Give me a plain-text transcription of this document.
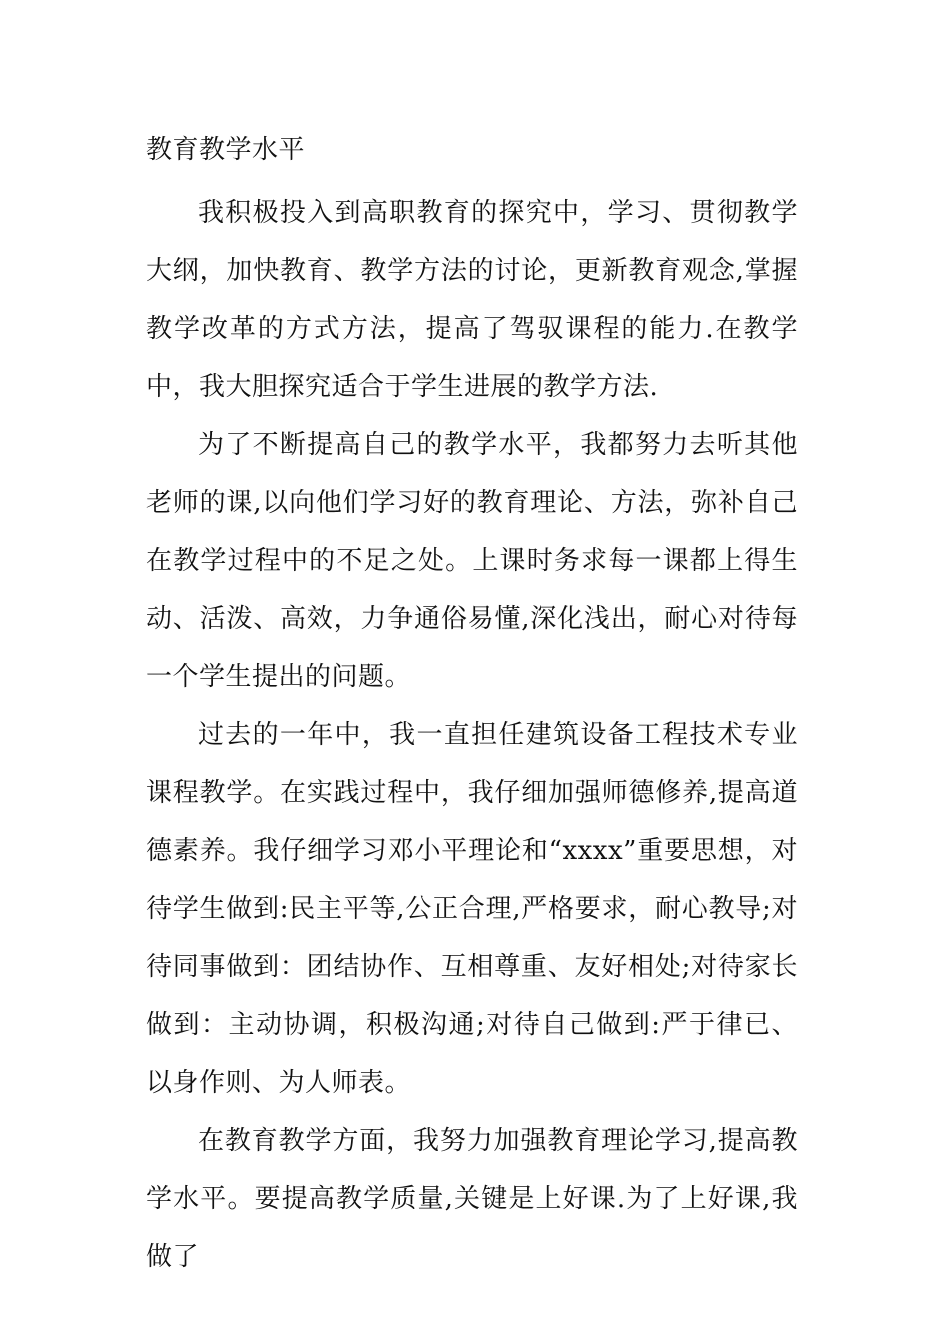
教育教学水平

我积极投入到高职教育的探究中，学习、贯彻教学大纲，加快教育、教学方法的讨论，更新教育观念,掌握教学改革的方式方法，提高了驾驭课程的能力.在教学中，我大胆探究适合于学生进展的教学方法.

为了不断提高自己的教学水平，我都努力去听其他老师的课,以向他们学习好的教育理论、方法，弥补自己在教学过程中的不足之处。上课时务求每一课都上得生动、活泼、高效，力争通俗易懂,深化浅出，耐心对待每一个学生提出的问题。

过去的一年中，我一直担任建筑设备工程技术专业课程教学。在实践过程中，我仔细加强师德修养,提高道德素养。我仔细学习邓小平理论和“xxxx”重要思想，对待学生做到:民主平等,公正合理,严格要求，耐心教导;对待同事做到：团结协作、互相尊重、友好相处;对待家长做到：主动协调，积极沟通;对待自己做到:严于律已、以身作则、为人师表。

在教育教学方面，我努力加强教育理论学习,提高教学水平。要提高教学质量,关键是上好课.为了上好课,我做了
